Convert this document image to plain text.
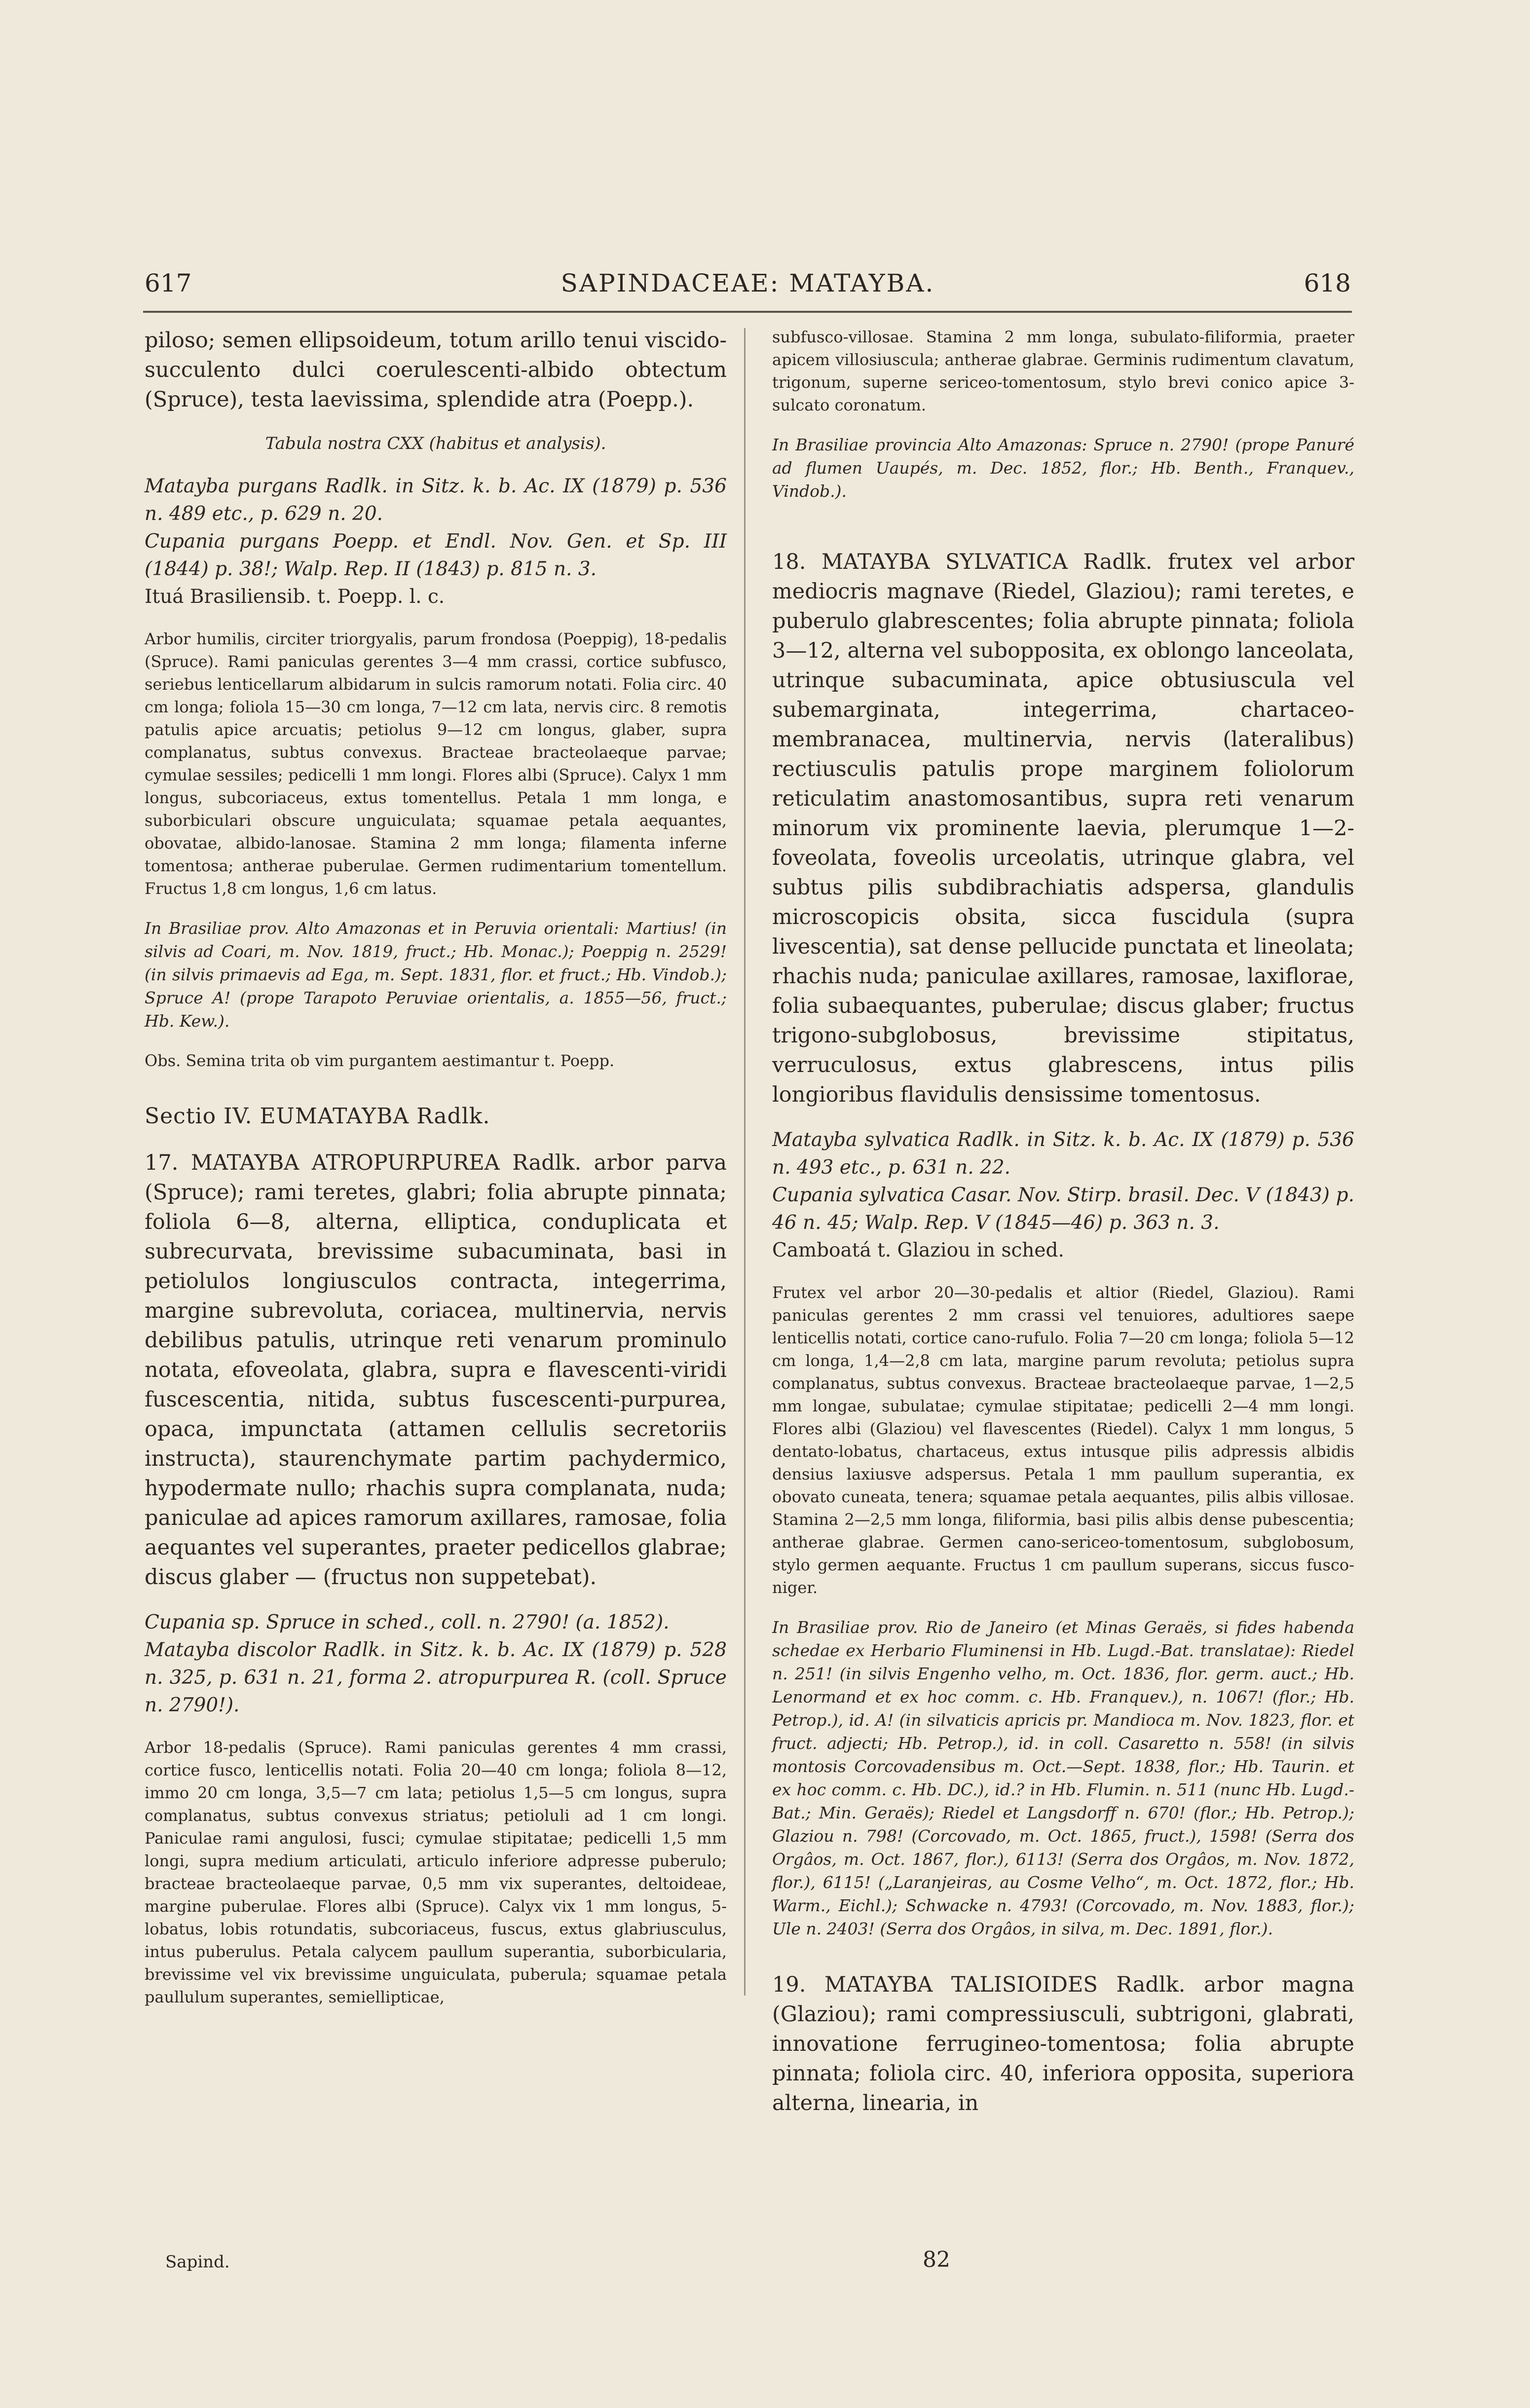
617	SAPINDACEAE: MATAYBA.	618

piloso; semen ellipsoideum, totum arillo tenui viscido-succulento dulci coerulescenti-albido obtectum (Spruce), testa laevissima, splendide atra (Poepp.).

Tabula nostra CXX (habitus et analysis).

Matayba purgans Radlk. in Sitz. k. b. Ac. IX (1879) p. 536 n. 489 etc., p. 629 n. 20.

Cupania purgans Poepp. et Endl. Nov. Gen. et Sp. III (1844) p. 38!; Walp. Rep. II (1843) p. 815 n. 3.

Ituá Brasiliensib. t. Poepp. l. c.

Arbor humilis, circiter triorgyalis, parum frondosa (Poeppig), 18-pedalis (Spruce). Rami paniculas gerentes 3—4 mm crassi, cortice subfusco, seriebus lenticellarum albidarum in sulcis ramorum notati. Folia circ. 40 cm longa; foliola 15—30 cm longa, 7—12 cm lata, nervis circ. 8 remotis patulis apice arcuatis; petiolus 9—12 cm longus, glaber, supra complanatus, subtus convexus. Bracteae bracteolaeque parvae; cymulae sessiles; pedicelli 1 mm longi. Flores albi (Spruce). Calyx 1 mm longus, subcoriaceus, extus tomentellus. Petala 1 mm longa, e suborbiculari obscure unguiculata; squamae petala aequantes, obovatae, albido-lanosae. Stamina 2 mm longa; filamenta inferne tomentosa; antherae puberulae. Germen rudimentarium tomentellum. Fructus 1,8 cm longus, 1,6 cm latus.

In Brasiliae prov. Alto Amazonas et in Peruvia orientali: Martius! (in silvis ad Coari, m. Nov. 1819, fruct.; Hb. Monac.); Poeppig n. 2529! (in silvis primaevis ad Ega, m. Sept. 1831, flor. et fruct.; Hb. Vindob.); Spruce A! (prope Tarapoto Peruviae orientalis, a. 1855—56, fruct.; Hb. Kew.).

Obs. Semina trita ob vim purgantem aestimantur t. Poepp.

Sectio IV. EUMATAYBA Radlk.

17. MATAYBA ATROPURPUREA Radlk. arbor parva (Spruce); rami teretes, glabri; folia abrupte pinnata; foliola 6—8, alterna, elliptica, conduplicata et subrecurvata, brevissime subacuminata, basi in petiolulos longiusculos contracta, integerrima, margine subrevoluta, coriacea, multinervia, nervis debilibus patulis, utrinque reti venarum prominulo notata, efoveolata, glabra, supra e flavescenti-viridi fuscescentia, nitida, subtus fuscescenti-purpurea, opaca, impunctata (attamen cellulis secretoriis instructa), staurenchymate partim pachydermico, hypodermate nullo; rhachis supra complanata, nuda; paniculae ad apices ramorum axillares, ramosae, folia aequantes vel superantes, praeter pedicellos glabrae; discus glaber — (fructus non suppetebat).

Cupania sp. Spruce in sched., coll. n. 2790! (a. 1852).

Matayba discolor Radlk. in Sitz. k. b. Ac. IX (1879) p. 528 n. 325, p. 631 n. 21, forma 2. atropurpurea R. (coll. Spruce n. 2790!).

Arbor 18-pedalis (Spruce). Rami paniculas gerentes 4 mm crassi, cortice fusco, lenticellis notati. Folia 20—40 cm longa; foliola 8—12, immo 20 cm longa, 3,5—7 cm lata; petiolus 1,5—5 cm longus, supra complanatus, subtus convexus striatus; petioluli ad 1 cm longi. Paniculae rami angulosi, fusci; cymulae stipitatae; pedicelli 1,5 mm longi, supra medium articulati, articulo inferiore adpresse puberulo; bracteae bracteolaeque parvae, 0,5 mm vix superantes, deltoideae, margine puberulae. Flores albi (Spruce). Calyx vix 1 mm longus, 5-lobatus, lobis rotundatis, subcoriaceus, fuscus, extus glabriusculus, intus puberulus. Petala calycem paullum superantia, suborbicularia, brevissime vel vix brevissime unguiculata, puberula; squamae petala paullulum superantes, semiellipticae,

Sapind.

subfusco-villosae. Stamina 2 mm longa, subulato-filiformia, praeter apicem villosiuscula; antherae glabrae. Germinis rudimentum clavatum, trigonum, superne sericeo-tomentosum, stylo brevi conico apice 3-sulcato coronatum.

In Brasiliae provincia Alto Amazonas: Spruce n. 2790! (prope Panuré ad flumen Uaupés, m. Dec. 1852, flor.; Hb. Benth., Franquev., Vindob.).

18. MATAYBA SYLVATICA Radlk. frutex vel arbor mediocris magnave (Riedel, Glaziou); rami teretes, e puberulo glabrescentes; folia abrupte pinnata; foliola 3—12, alterna vel subopposita, ex oblongo lanceolata, utrinque subacuminata, apice obtusiuscula vel subemarginata, integerrima, chartaceo-membranacea, multinervia, nervis (lateralibus) rectiusculis patulis prope marginem foliolorum reticulatim anastomosantibus, supra reti venarum minorum vix prominente laevia, plerumque 1—2-foveolata, foveolis urceolatis, utrinque glabra, vel subtus pilis subdibrachiatis adspersa, glandulis microscopicis obsita, sicca fuscidula (supra livescentia), sat dense pellucide punctata et lineolata; rhachis nuda; paniculae axillares, ramosae, laxiflorae, folia subaequantes, puberulae; discus glaber; fructus trigono-subglobosus, brevissime stipitatus, verruculosus, extus glabrescens, intus pilis longioribus flavidulis densissime tomentosus.

Matayba sylvatica Radlk. in Sitz. k. b. Ac. IX (1879) p. 536 n. 493 etc., p. 631 n. 22.

Cupania sylvatica Casar. Nov. Stirp. brasil. Dec. V (1843) p. 46 n. 45; Walp. Rep. V (1845—46) p. 363 n. 3.

Camboatá t. Glaziou in sched.

Frutex vel arbor 20—30-pedalis et altior (Riedel, Glaziou). Rami paniculas gerentes 2 mm crassi vel tenuiores, adultiores saepe lenticellis notati, cortice cano-rufulo. Folia 7—20 cm longa; foliola 5—12 cm longa, 1,4—2,8 cm lata, margine parum revoluta; petiolus supra complanatus, subtus convexus. Bracteae bracteolaeque parvae, 1—2,5 mm longae, subulatae; cymulae stipitatae; pedicelli 2—4 mm longi. Flores albi (Glaziou) vel flavescentes (Riedel). Calyx 1 mm longus, 5 dentato-lobatus, chartaceus, extus intusque pilis adpressis albidis densius laxiusve adspersus. Petala 1 mm paullum superantia, ex obovato cuneata, tenera; squamae petala aequantes, pilis albis villosae. Stamina 2—2,5 mm longa, filiformia, basi pilis albis dense pubescentia; antherae glabrae. Germen cano-sericeo-tomentosum, subglobosum, stylo germen aequante. Fructus 1 cm paullum superans, siccus fusco-niger.

In Brasiliae prov. Rio de Janeiro (et Minas Geraës, si fides habenda schedae ex Herbario Fluminensi in Hb. Lugd.-Bat. translatae): Riedel n. 251! (in silvis Engenho velho, m. Oct. 1836, flor. germ. auct.; Hb. Lenormand et ex hoc comm. c. Hb. Franquev.), n. 1067! (flor.; Hb. Petrop.), id. A! (in silvaticis apricis pr. Mandioca m. Nov. 1823, flor. et fruct. adjecti; Hb. Petrop.), id. in coll. Casaretto n. 558! (in silvis montosis Corcovadensibus m. Oct.—Sept. 1838, flor.; Hb. Taurin. et ex hoc comm. c. Hb. DC.), id.? in Hb. Flumin. n. 511 (nunc Hb. Lugd.-Bat.; Min. Geraës); Riedel et Langsdorff n. 670! (flor.; Hb. Petrop.); Glaziou n. 798! (Corcovado, m. Oct. 1865, fruct.), 1598! (Serra dos Orgâos, m. Oct. 1867, flor.), 6113! (Serra dos Orgâos, m. Nov. 1872, flor.), 6115! („Laranjeiras, au Cosme Velho“, m. Oct. 1872, flor.; Hb. Warm., Eichl.); Schwacke n. 4793! (Corcovado, m. Nov. 1883, flor.); Ule n. 2403! (Serra dos Orgâos, in silva, m. Dec. 1891, flor.).

19. MATAYBA TALISIOIDES Radlk. arbor magna (Glaziou); rami compressiusculi, subtrigoni, glabrati, innovatione ferrugineo-tomentosa; folia abrupte pinnata; foliola circ. 40, inferiora opposita, superiora alterna, linearia, in

82
